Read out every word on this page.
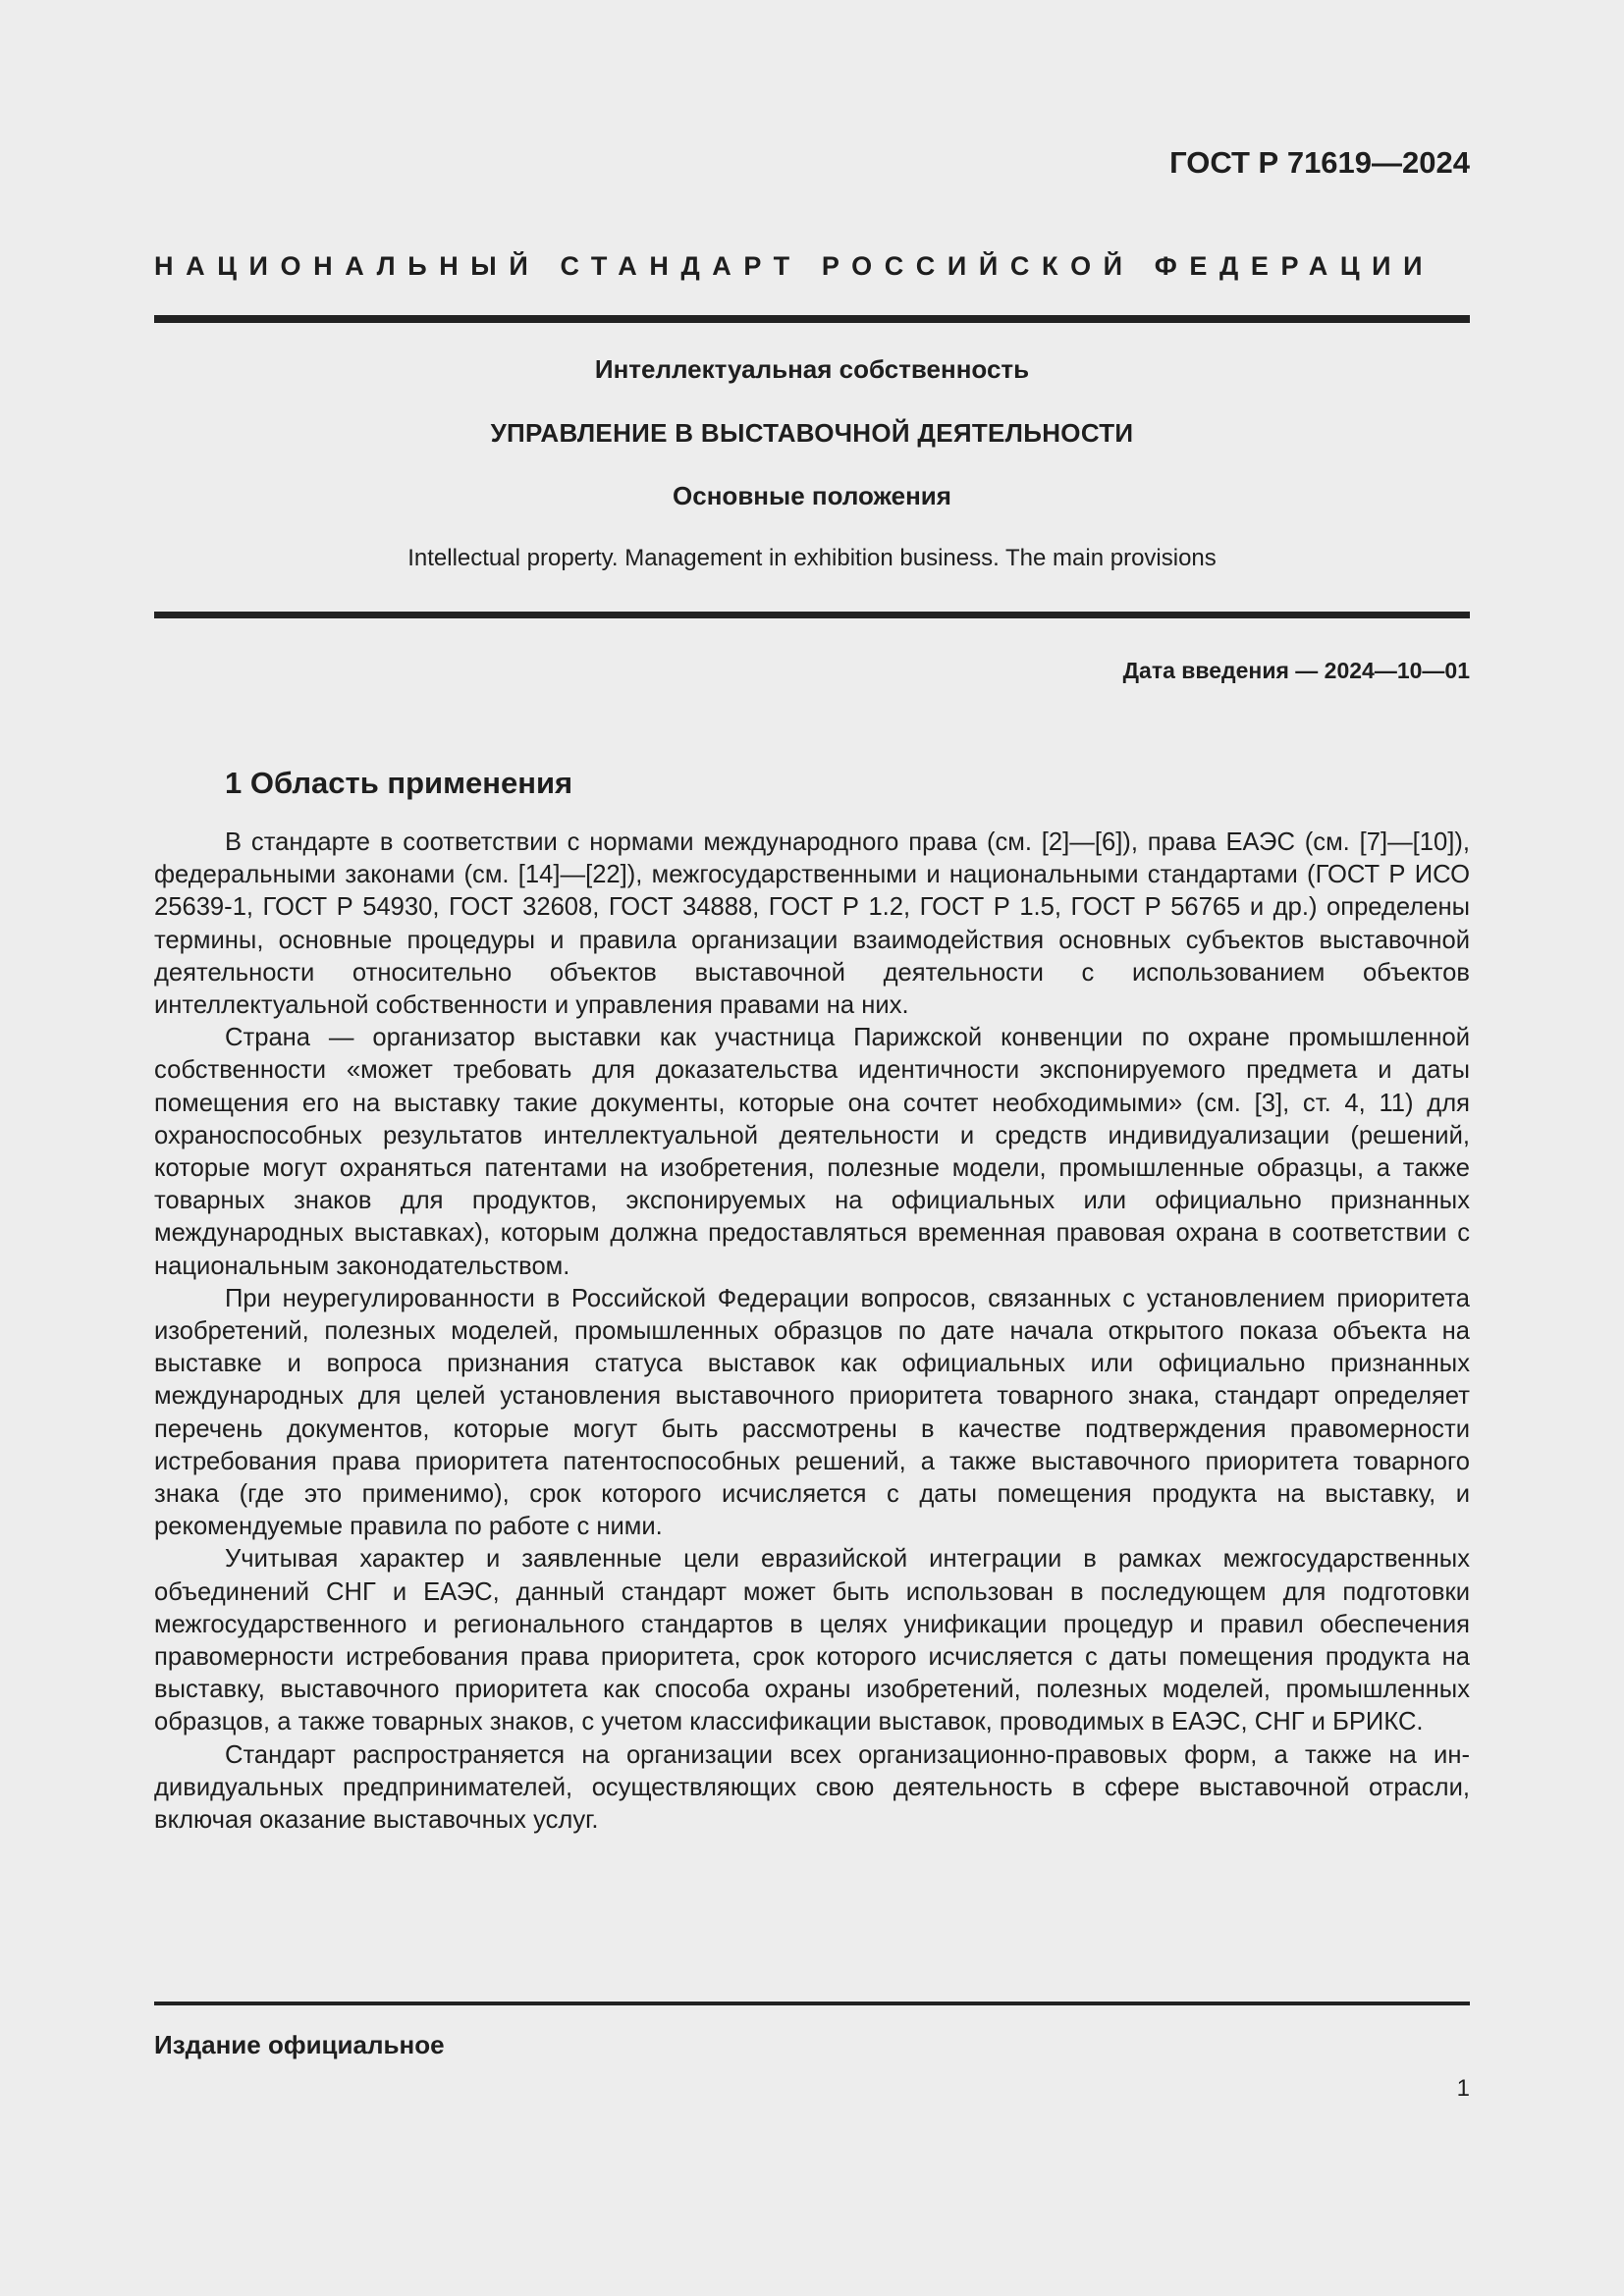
ГОСТ Р 71619—2024
НАЦИОНАЛЬНЫЙ СТАНДАРТ РОССИЙСКОЙ ФЕДЕРАЦИИ
Интеллектуальная собственность
УПРАВЛЕНИЕ В ВЫСТАВОЧНОЙ ДЕЯТЕЛЬНОСТИ
Основные положения
Intellectual property. Management in exhibition business. The main provisions
Дата введения — 2024—10—01
1 Область применения

В стандарте в соответствии с нормами международного права (см. [2]—[6]), права ЕАЭС (см. [7]—[10]), федеральными законами (см. [14]—[22]), межгосударственными и национальными стандартами (ГОСТ Р ИСО 25639-1, ГОСТ Р 54930, ГОСТ 32608, ГОСТ 34888, ГОСТ Р 1.2, ГОСТ Р 1.5, ГОСТ Р 56765 и др.) определены термины, основные процедуры и правила организации взаимодействия основных субъектов выставочной деятельности относительно объектов выставочной деятельности с использованием объектов интеллектуальной собственности и управления правами на них.

Страна — организатор выставки как участница Парижской конвенции по охране промышленной собственности «может требовать для доказательства идентичности экспонируемого предмета и даты помещения его на выставку такие документы, которые она сочтет необходимыми» (см. [3], ст. 4, 11) для охраноспособных результатов интеллектуальной деятельности и средств индивидуализации (решений, которые могут охраняться патентами на изобретения, полезные модели, промышленные образцы, а также товарных знаков для продуктов, экспонируемых на официальных или официально признанных международных выставках), которым должна предоставляться временная правовая охрана в соответствии с национальным законодательством.

При неурегулированности в Российской Федерации вопросов, связанных с установлением приоритета изобретений, полезных моделей, промышленных образцов по дате начала открытого показа объекта на выставке и вопроса признания статуса выставок как официальных или официально признанных международных для целей установления выставочного приоритета товарного знака, стандарт определяет перечень документов, которые могут быть рассмотрены в качестве подтверждения правомерности истребования права приоритета патентоспособных решений, а также выставочного приоритета товарного знака (где это применимо), срок которого исчисляется с даты помещения продукта на выставку, и рекомендуемые правила по работе с ними.

Учитывая характер и заявленные цели евразийской интеграции в рамках межгосударственных объединений СНГ и ЕАЭС, данный стандарт может быть использован в последующем для подготовки межгосударственного и регионального стандартов в целях унификации процедур и правил обеспечения правомерности истребования права приоритета, срок которого исчисляется с даты помещения продукта на выставку, выставочного приоритета как способа охраны изобретений, полезных моделей, промышленных образцов, а также товарных знаков, с учетом классификации выставок, проводимых в ЕАЭС, СНГ и БРИКС.

Стандарт распространяется на организации всех организационно-правовых форм, а также на индивидуальных предпринимателей, осуществляющих свою деятельность в сфере выставочной отрасли, включая оказание выставочных услуг.

Издание официальное
1
